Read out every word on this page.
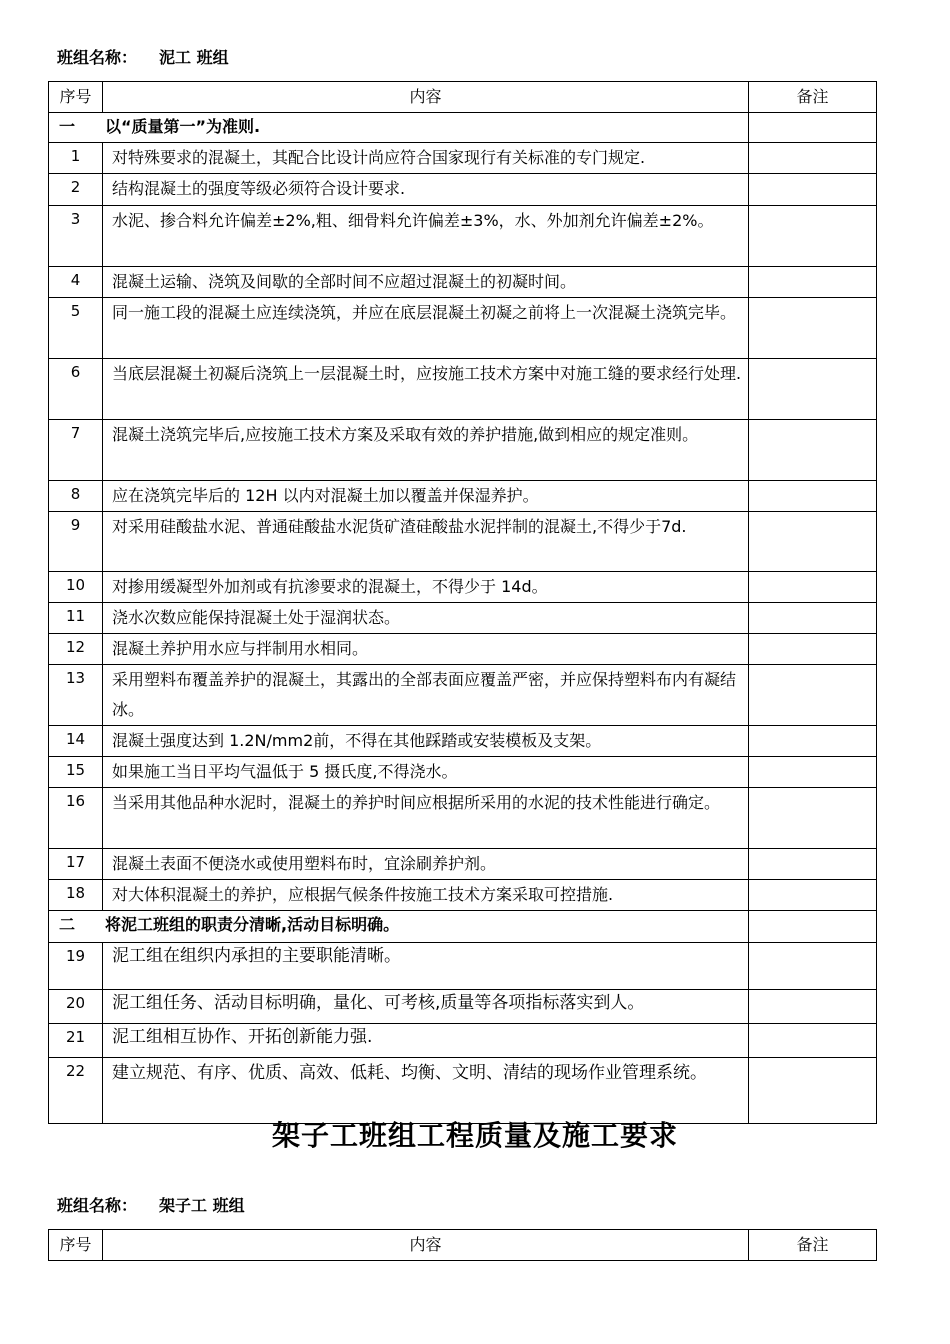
班组名称： 泥工 班组
序号	内容	备注
一 以“质量第一”为准则.		
1	对特殊要求的混凝土，其配合比设计尚应符合国家现行有关标准的专门规定.	
2	结构混凝土的强度等级必须符合设计要求.	
3	水泥、掺合料允许偏差±2%,粗、细骨料允许偏差±3%，水、外加剂允许偏差±2%。	
4	混凝土运输、浇筑及间歇的全部时间不应超过混凝土的初凝时间。	
5	同一施工段的混凝土应连续浇筑，并应在底层混凝土初凝之前将上一次混凝土浇筑完毕。	
6	当底层混凝土初凝后浇筑上一层混凝土时，应按施工技术方案中对施工缝的要求经行处理.	
7	混凝土浇筑完毕后,应按施工技术方案及采取有效的养护措施,做到相应的规定准则。	
8	应在浇筑完毕后的 12H 以内对混凝土加以覆盖并保湿养护。	
9	对采用硅酸盐水泥、普通硅酸盐水泥货矿渣硅酸盐水泥拌制的混凝土,不得少于7d.	
10	对掺用缓凝型外加剂或有抗渗要求的混凝土，不得少于 14d。	
11	浇水次数应能保持混凝土处于湿润状态。	
12	混凝土养护用水应与拌制用水相同。	
13	采用塑料布覆盖养护的混凝土，其露出的全部表面应覆盖严密，并应保持塑料布内有凝结冰。	
14	混凝土强度达到 1.2N/mm2前，不得在其他踩踏或安装模板及支架。	
15	如果施工当日平均气温低于 5 摄氏度,不得浇水。	
16	当采用其他品种水泥时，混凝土的养护时间应根据所采用的水泥的技术性能进行确定。	
17	混凝土表面不便浇水或使用塑料布时，宜涂刷养护剂。	
18	对大体积混凝土的养护，应根据气候条件按施工技术方案采取可控措施.	
二 将泥工班组的职责分清晰,活动目标明确。		
19	泥工组在组织内承担的主要职能清晰。	
20	泥工组任务、活动目标明确，量化、可考核,质量等各项指标落实到人。	
21	泥工组相互协作、开拓创新能力强.	
22	建立规范、有序、优质、高效、低耗、均衡、文明、清结的现场作业管理系统。	
架子工班组工程质量及施工要求
班组名称： 架子工 班组
序号	内容	备注
